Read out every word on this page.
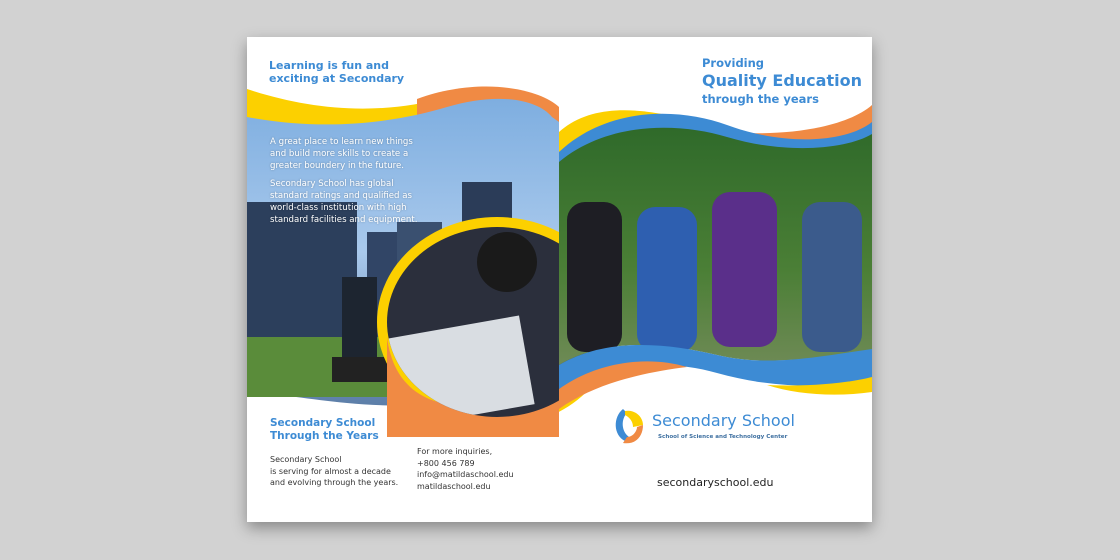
Learning is fun and
exciting at Secondary

A great place to learn new things and build more skills to create a greater boundery in the future.

Secondary School has global standard ratings and qualified as world-class institution with high standard facilities and equipment.

Secondary School
Through the Years
Secondary School
is serving for almost a decade
and evolving through the years.
For more inquiries,
+800 456 789
info@matildaschool.edu
matildaschool.edu
Providing
Quality Education
through the years
Secondary School
School of Science and Technology Center
secondaryschool.edu
